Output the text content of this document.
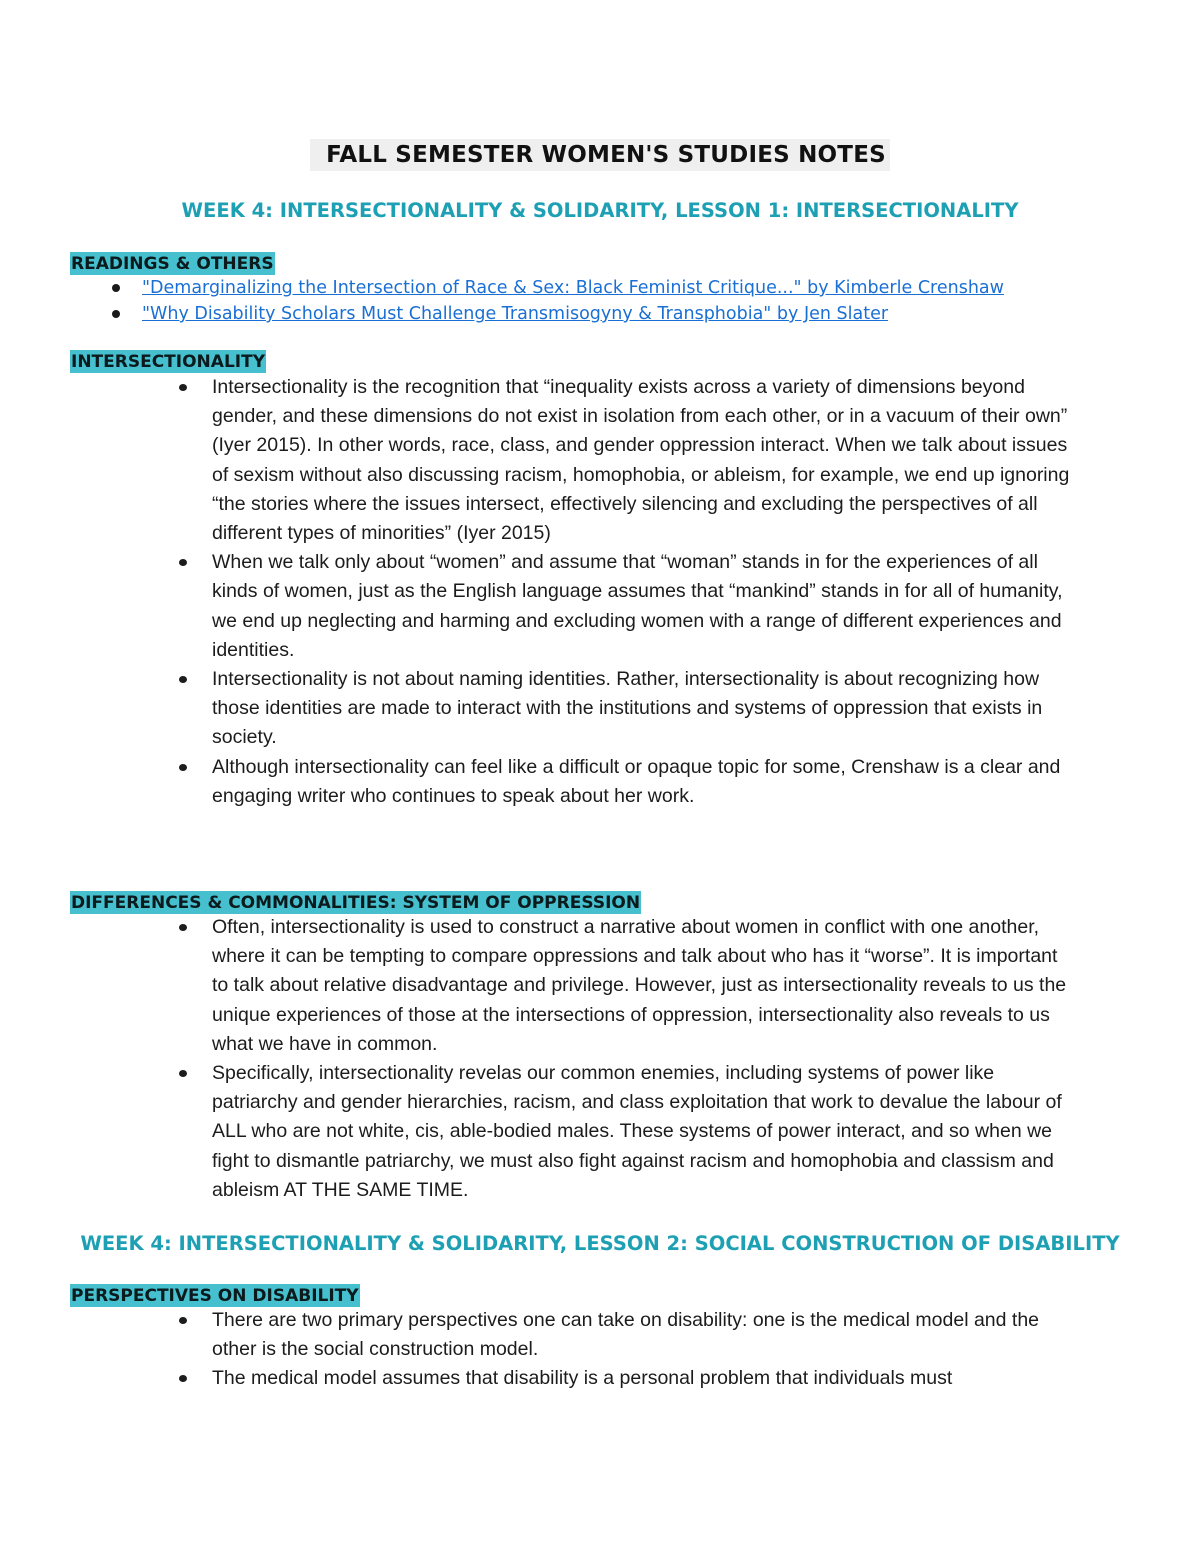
FALL SEMESTER WOMEN'S STUDIES NOTES
WEEK 4: INTERSECTIONALITY & SOLIDARITY, LESSON 1: INTERSECTIONALITY
READINGS & OTHERS
"Demarginalizing the Intersection of Race & Sex: Black Feminist Critique..." by Kimberle Crenshaw
"Why Disability Scholars Must Challenge Transmisogyny & Transphobia" by Jen Slater
INTERSECTIONALITY
Intersectionality is the recognition that “inequality exists across a variety of dimensions beyond gender, and these dimensions do not exist in isolation from each other, or in a vacuum of their own” (Iyer 2015). In other words, race, class, and gender oppression interact. When we talk about issues of sexism without also discussing racism, homophobia, or ableism, for example, we end up ignoring “the stories where the issues intersect, effectively silencing and excluding the perspectives of all different types of minorities” (Iyer 2015)
When we talk only about “women” and assume that “woman” stands in for the experiences of all kinds of women, just as the English language assumes that “mankind” stands in for all of humanity, we end up neglecting and harming and excluding women with a range of different experiences and identities.
Intersectionality is not about naming identities. Rather, intersectionality is about recognizing how those identities are made to interact with the institutions and systems of oppression that exists in society.
Although intersectionality can feel like a difficult or opaque topic for some, Crenshaw is a clear and engaging writer who continues to speak about her work.
DIFFERENCES & COMMONALITIES: SYSTEM OF OPPRESSION
Often, intersectionality is used to construct a narrative about women in conflict with one another, where it can be tempting to compare oppressions and talk about who has it “worse”. It is important to talk about relative disadvantage and privilege. However, just as intersectionality reveals to us the unique experiences of those at the intersections of oppression, intersectionality also reveals to us what we have in common.
Specifically, intersectionality revelas our common enemies, including systems of power like patriarchy and gender hierarchies, racism, and class exploitation that work to devalue the labour of ALL who are not white, cis, able-bodied males. These systems of power interact, and so when we fight to dismantle patriarchy, we must also fight against racism and homophobia and classism and ableism AT THE SAME TIME.
WEEK 4: INTERSECTIONALITY & SOLIDARITY, LESSON 2: SOCIAL CONSTRUCTION OF DISABILITY
PERSPECTIVES ON DISABILITY
There are two primary perspectives one can take on disability: one is the medical model and the other is the social construction model.
The medical model assumes that disability is a personal problem that individuals must
